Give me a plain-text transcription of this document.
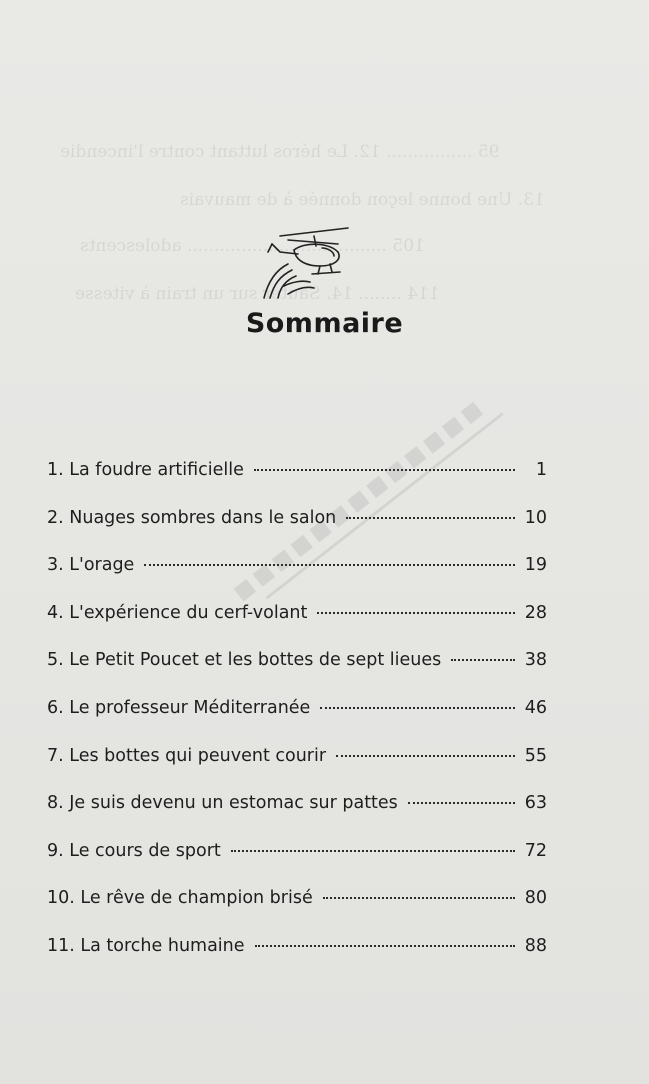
95 ................ 12. Le héros luttant contre l'incendie
13. Une bonne leçon donnée à de mauvais
105 ..................................... adolescents
114 ........ 14. Sauter sur un train à vitesse
Sommaire
1. La foudre artificielle	1
2. Nuages sombres dans le salon	10
3. L'orage	19
4. L'expérience du cerf-volant	28
5. Le Petit Poucet et les bottes de sept lieues	38
6. Le professeur Méditerranée	46
7. Les bottes qui peuvent courir	55
8. Je suis devenu un estomac sur pattes	63
9. Le cours de sport	72
10. Le rêve de champion brisé	80
11. La torche humaine	88
